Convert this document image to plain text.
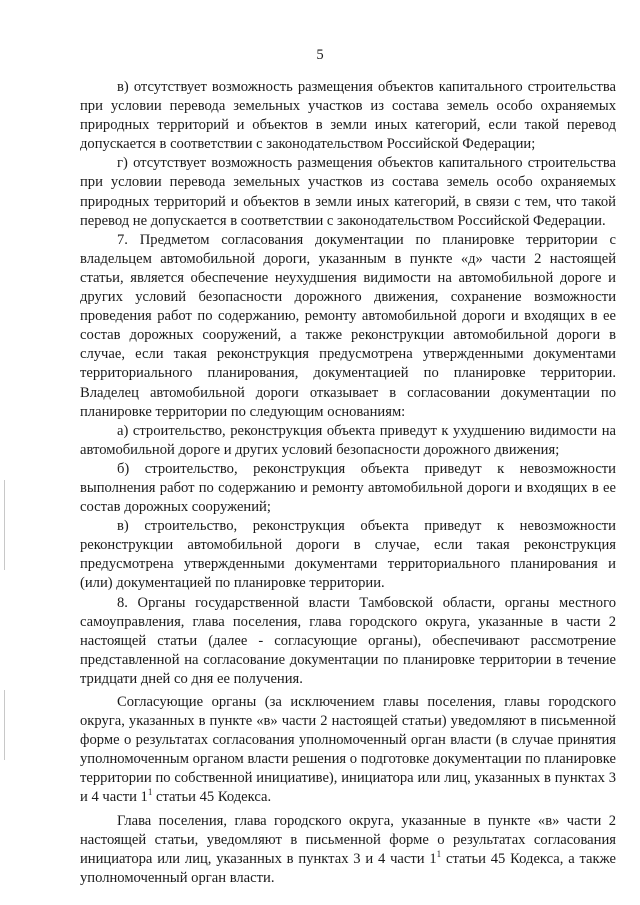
5

в) отсутствует возможность размещения объектов капитального строительства при условии перевода земельных участков из состава земель особо охраняемых природных территорий и объектов в земли иных категорий, если такой перевод допускается в соответствии с законодательством Российской Федерации;

г) отсутствует возможность размещения объектов капитального строительства при условии перевода земельных участков из состава земель особо охраняемых природных территорий и объектов в земли иных категорий, в связи с тем, что такой перевод не допускается в соответствии с законодательством Российской Федерации.

7. Предметом согласования документации по планировке территории с владельцем автомобильной дороги, указанным в пункте «д» части 2 настоящей статьи, является обеспечение неухудшения видимости на автомобильной дороге и других условий безопасности дорожного движения, сохранение возможности проведения работ по содержанию, ремонту автомобильной дороги и входящих в ее состав дорожных сооружений, а также реконструкции автомобильной дороги в случае, если такая реконструкция предусмотрена утвержденными документами территориального планирования, документацией по планировке территории. Владелец автомобильной дороги отказывает в согласовании документации по планировке территории по следующим основаниям:

а) строительство, реконструкция объекта приведут к ухудшению видимости на автомобильной дороге и других условий безопасности дорожного движения;

б) строительство, реконструкция объекта приведут к невозможности выполнения работ по содержанию и ремонту автомобильной дороги и входящих в ее состав дорожных сооружений;

в) строительство, реконструкция объекта приведут к невозможности реконструкции автомобильной дороги в случае, если такая реконструкция предусмотрена утвержденными документами территориального планирования и (или) документацией по планировке территории.

8. Органы государственной власти Тамбовской области, органы местного самоуправления, глава поселения, глава городского округа, указанные в части 2 настоящей статьи (далее - согласующие органы), обеспечивают рассмотрение представленной на согласование документации по планировке территории в течение тридцати дней со дня ее получения.

Согласующие органы (за исключением главы поселения, главы городского округа, указанных в пункте «в» части 2 настоящей статьи) уведомляют в письменной форме о результатах согласования уполномоченный орган власти (в случае принятия уполномоченным органом власти решения о подготовке документации по планировке территории по собственной инициативе), инициатора или лиц, указанных в пунктах 3 и 4 части $1^1$ статьи 45 Кодекса.

Глава поселения, глава городского округа, указанные в пункте «в» части 2 настоящей статьи, уведомляют в письменной форме о результатах согласования инициатора или лиц, указанных в пунктах 3 и 4 части $1^1$ статьи 45 Кодекса, а также уполномоченный орган власти.
